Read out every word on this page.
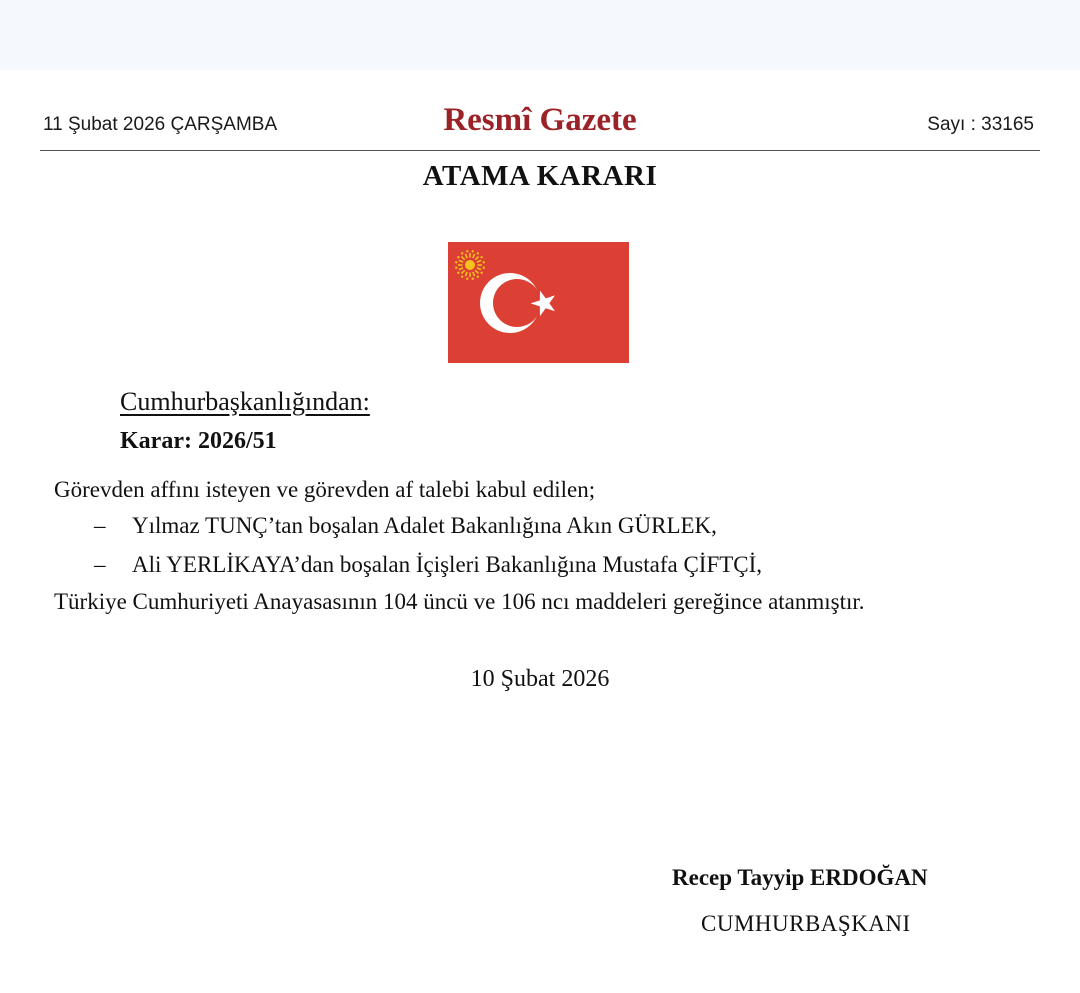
11 Şubat 2026 ÇARŞAMBA	Resmî Gazete	Sayı : 33165
ATAMA KARARI
Cumhurbaşkanlığından:
Karar: 2026/51
Görevden affını isteyen ve görevden af talebi kabul edilen;
– Yılmaz TUNÇ’tan boşalan Adalet Bakanlığına Akın GÜRLEK,
– Ali YERLİKAYA’dan boşalan İçişleri Bakanlığına Mustafa ÇİFTÇİ,
Türkiye Cumhuriyeti Anayasasının 104 üncü ve 106 ncı maddeleri gereğince atanmıştır.
10 Şubat 2026
Recep Tayyip ERDOĞAN
CUMHURBAŞKANI
